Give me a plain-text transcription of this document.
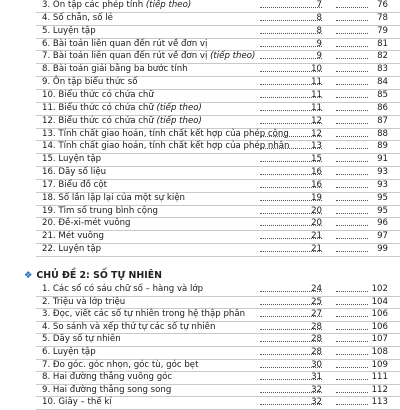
3. Ôn tập các phép tính (tiếp theo)	7	76
4. Số chẵn, số lẻ	8	78
5. Luyện tập	8	79
6. Bài toán liên quan đến rút về đơn vị	9	81
7. Bài toán liên quan đến rút về đơn vị (tiếp theo)	9	82
8. Bài toán giải bằng ba bước tính	10	83
9. Ôn tập biểu thức số	11	84
10. Biểu thức có chứa chữ	11	85
11. Biểu thức có chứa chữ (tiếp theo)	11	86
12. Biểu thức có chứa chữ (tiếp theo)	12	87
13. Tính chất giao hoán, tính chất kết hợp của phép cộng	12	88
14. Tính chất giao hoán, tính chất kết hợp của phép nhân	13	89
15. Luyện tập	15	91
16. Dãy số liệu	16	93
17. Biểu đồ cột	16	93
18. Số lần lặp lại của một sự kiện	19	95
19. Tìm số trung bình cộng	20	95
20. Đề-xi-mét vuông	20	96
21. Mét vuông	21	97
22. Luyện tập	21	99
❖ CHỦ ĐỀ 2: SỐ TỰ NHIÊN
1. Các số có sáu chữ số – hàng và lớp	24	102
2. Triệu và lớp triệu	25	104
3. Đọc, viết các số tự nhiên trong hệ thập phân	27	106
4. So sánh và xếp thứ tự các số tự nhiên	28	106
5. Dãy số tự nhiên	28	107
6. Luyện tập	28	108
7. Đo góc. góc nhọn, góc tù, góc bẹt	30	109
8. Hai đường thẳng vuông góc	31	111
9. Hai đường thẳng song song	32	112
10. Giây – thế kỉ	32	113
